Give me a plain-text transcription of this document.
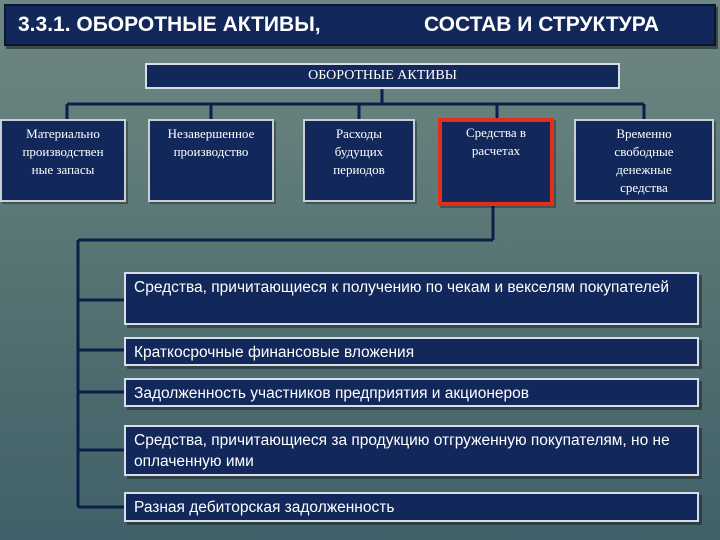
3.3.1. ОБОРОТНЫЕ АКТИВЫ,	СОСТАВ И СТРУКТУРА
ОБОРОТНЫЕ АКТИВЫ
Материально
производствен
ные запасы
Незавершенное
производство
Расходы
будущих
периодов
Средства в
расчетах
Временно
свободные
денежные
средства
Средства, причитающиеся к получению по чекам и векселям покупателей
Краткосрочные финансовые вложения
Задолженность участников предприятия и акционеров
Средства, причитающиеся за продукцию отгруженную покупателям, но не оплаченную ими
Разная дебиторская задолженность
